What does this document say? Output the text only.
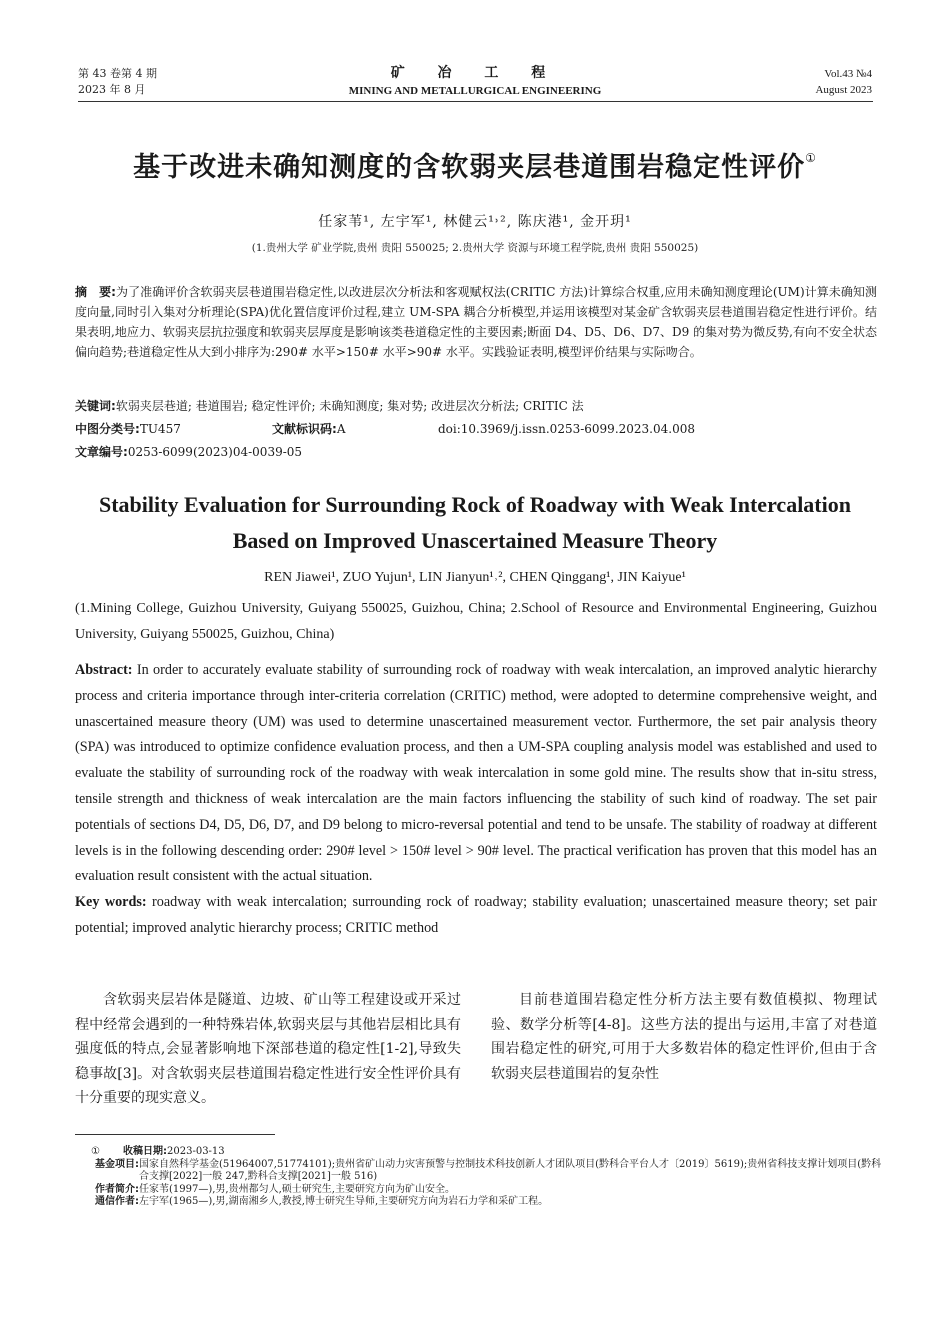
第 43 卷第 4 期
2023 年 8 月
矿 冶 工 程
MINING AND METALLURGICAL ENGINEERING
Vol.43 №4
August 2023
基于改进未确知测度的含软弱夹层巷道围岩稳定性评价①
任家苇¹, 左宇军¹, 林健云¹˒², 陈庆港¹, 金开玥¹
(1.贵州大学 矿业学院,贵州 贵阳 550025; 2.贵州大学 资源与环境工程学院,贵州 贵阳 550025)
摘　要:为了准确评价含软弱夹层巷道围岩稳定性,以改进层次分析法和客观赋权法(CRITIC 方法)计算综合权重,应用未确知测度理论(UM)计算未确知测度向量,同时引入集对分析理论(SPA)优化置信度评价过程,建立 UM-SPA 耦合分析模型,并运用该模型对某金矿含软弱夹层巷道围岩稳定性进行评价。结果表明,地应力、软弱夹层抗拉强度和软弱夹层厚度是影响该类巷道稳定性的主要因素;断面 D4、D5、D6、D7、D9 的集对势为微反势,有向不安全状态偏向趋势;巷道稳定性从大到小排序为:290# 水平>150# 水平>90# 水平。实践验证表明,模型评价结果与实际吻合。
关键词:软弱夹层巷道; 巷道围岩; 稳定性评价; 未确知测度; 集对势; 改进层次分析法; CRITIC 法
中图分类号:TU457	文献标识码:A	doi:10.3969/j.issn.0253-6099.2023.04.008
文章编号:0253-6099(2023)04-0039-05
Stability Evaluation for Surrounding Rock of Roadway with Weak Intercalation
Based on Improved Unascertained Measure Theory
REN Jiawei¹, ZUO Yujun¹, LIN Jianyun¹˒², CHEN Qinggang¹, JIN Kaiyue¹
(1.Mining College, Guizhou University, Guiyang 550025, Guizhou, China; 2.School of Resource and Environmental Engineering, Guizhou University, Guiyang 550025, Guizhou, China)
Abstract: In order to accurately evaluate stability of surrounding rock of roadway with weak intercalation, an improved analytic hierarchy process and criteria importance through inter-criteria correlation (CRITIC) method, were adopted to determine comprehensive weight, and unascertained measure theory (UM) was used to determine unascertained measurement vector. Furthermore, the set pair analysis theory (SPA) was introduced to optimize confidence evaluation process, and then a UM-SPA coupling analysis model was established and used to evaluate the stability of surrounding rock of the roadway with weak intercalation in some gold mine. The results show that in-situ stress, tensile strength and thickness of weak intercalation are the main factors influencing the stability of such kind of roadway. The set pair potentials of sections D4, D5, D6, D7, and D9 belong to micro-reversal potential and tend to be unsafe. The stability of roadway at different levels is in the following descending order: 290# level > 150# level > 90# level. The practical verification has proven that this model has an evaluation result consistent with the actual situation.
Key words: roadway with weak intercalation; surrounding rock of roadway; stability evaluation; unascertained measure theory; set pair potential; improved analytic hierarchy process; CRITIC method
含软弱夹层岩体是隧道、边坡、矿山等工程建设或开采过程中经常会遇到的一种特殊岩体,软弱夹层与其他岩层相比具有强度低的特点,会显著影响地下深部巷道的稳定性[1-2],导致失稳事故[3]。对含软弱夹层巷道围岩稳定性进行安全性评价具有十分重要的现实意义。
目前巷道围岩稳定性分析方法主要有数值模拟、物理试验、数学分析等[4-8]。这些方法的提出与运用,丰富了对巷道围岩稳定性的研究,可用于大多数岩体的稳定性评价,但由于含软弱夹层巷道围岩的复杂性
① 收稿日期: 2023-03-13
基金项目: 国家自然科学基金(51964007,51774101);贵州省矿山动力灾害预警与控制技术科技创新人才团队项目(黔科合平台人才〔2019〕5619);贵州省科技支撑计划项目(黔科合支撑[2022]一般 247,黔科合支撑[2021]一般 516)
作者简介: 任家苇(1997—),男,贵州都匀人,硕士研究生,主要研究方向为矿山安全。
通信作者: 左宇军(1965—),男,湖南湘乡人,教授,博士研究生导师,主要研究方向为岩石力学和采矿工程。
